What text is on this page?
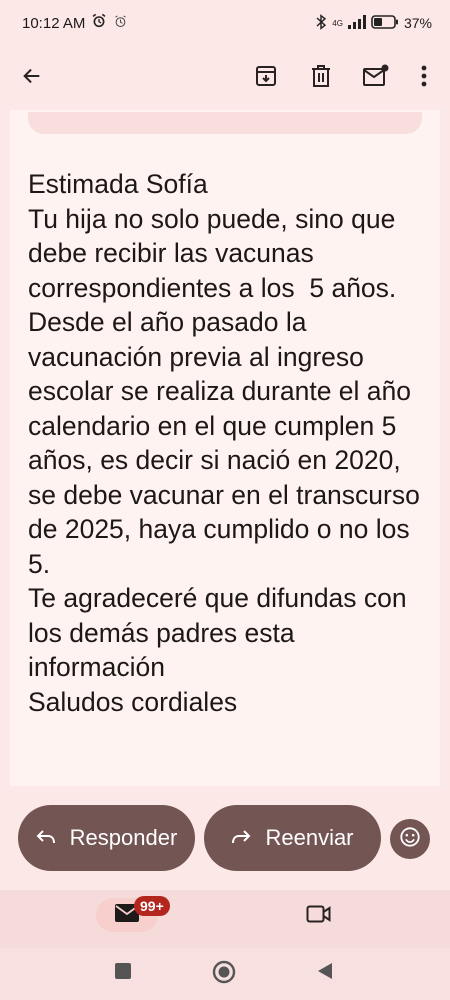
10:12 AM	4G	37%

Estimada Sofía
Tu hija no solo puede, sino que debe recibir las vacunas correspondientes a los  5 años. Desde el año pasado la vacunación previa al ingreso escolar se realiza durante el año calendario en el que cumplen 5 años, es decir si nació en 2020, se debe vacunar en el transcurso de 2025, haya cumplido o no los 5.
Te agradeceré que difundas con los demás padres esta información
Saludos cordiales

Responder	Reenviar
99+
